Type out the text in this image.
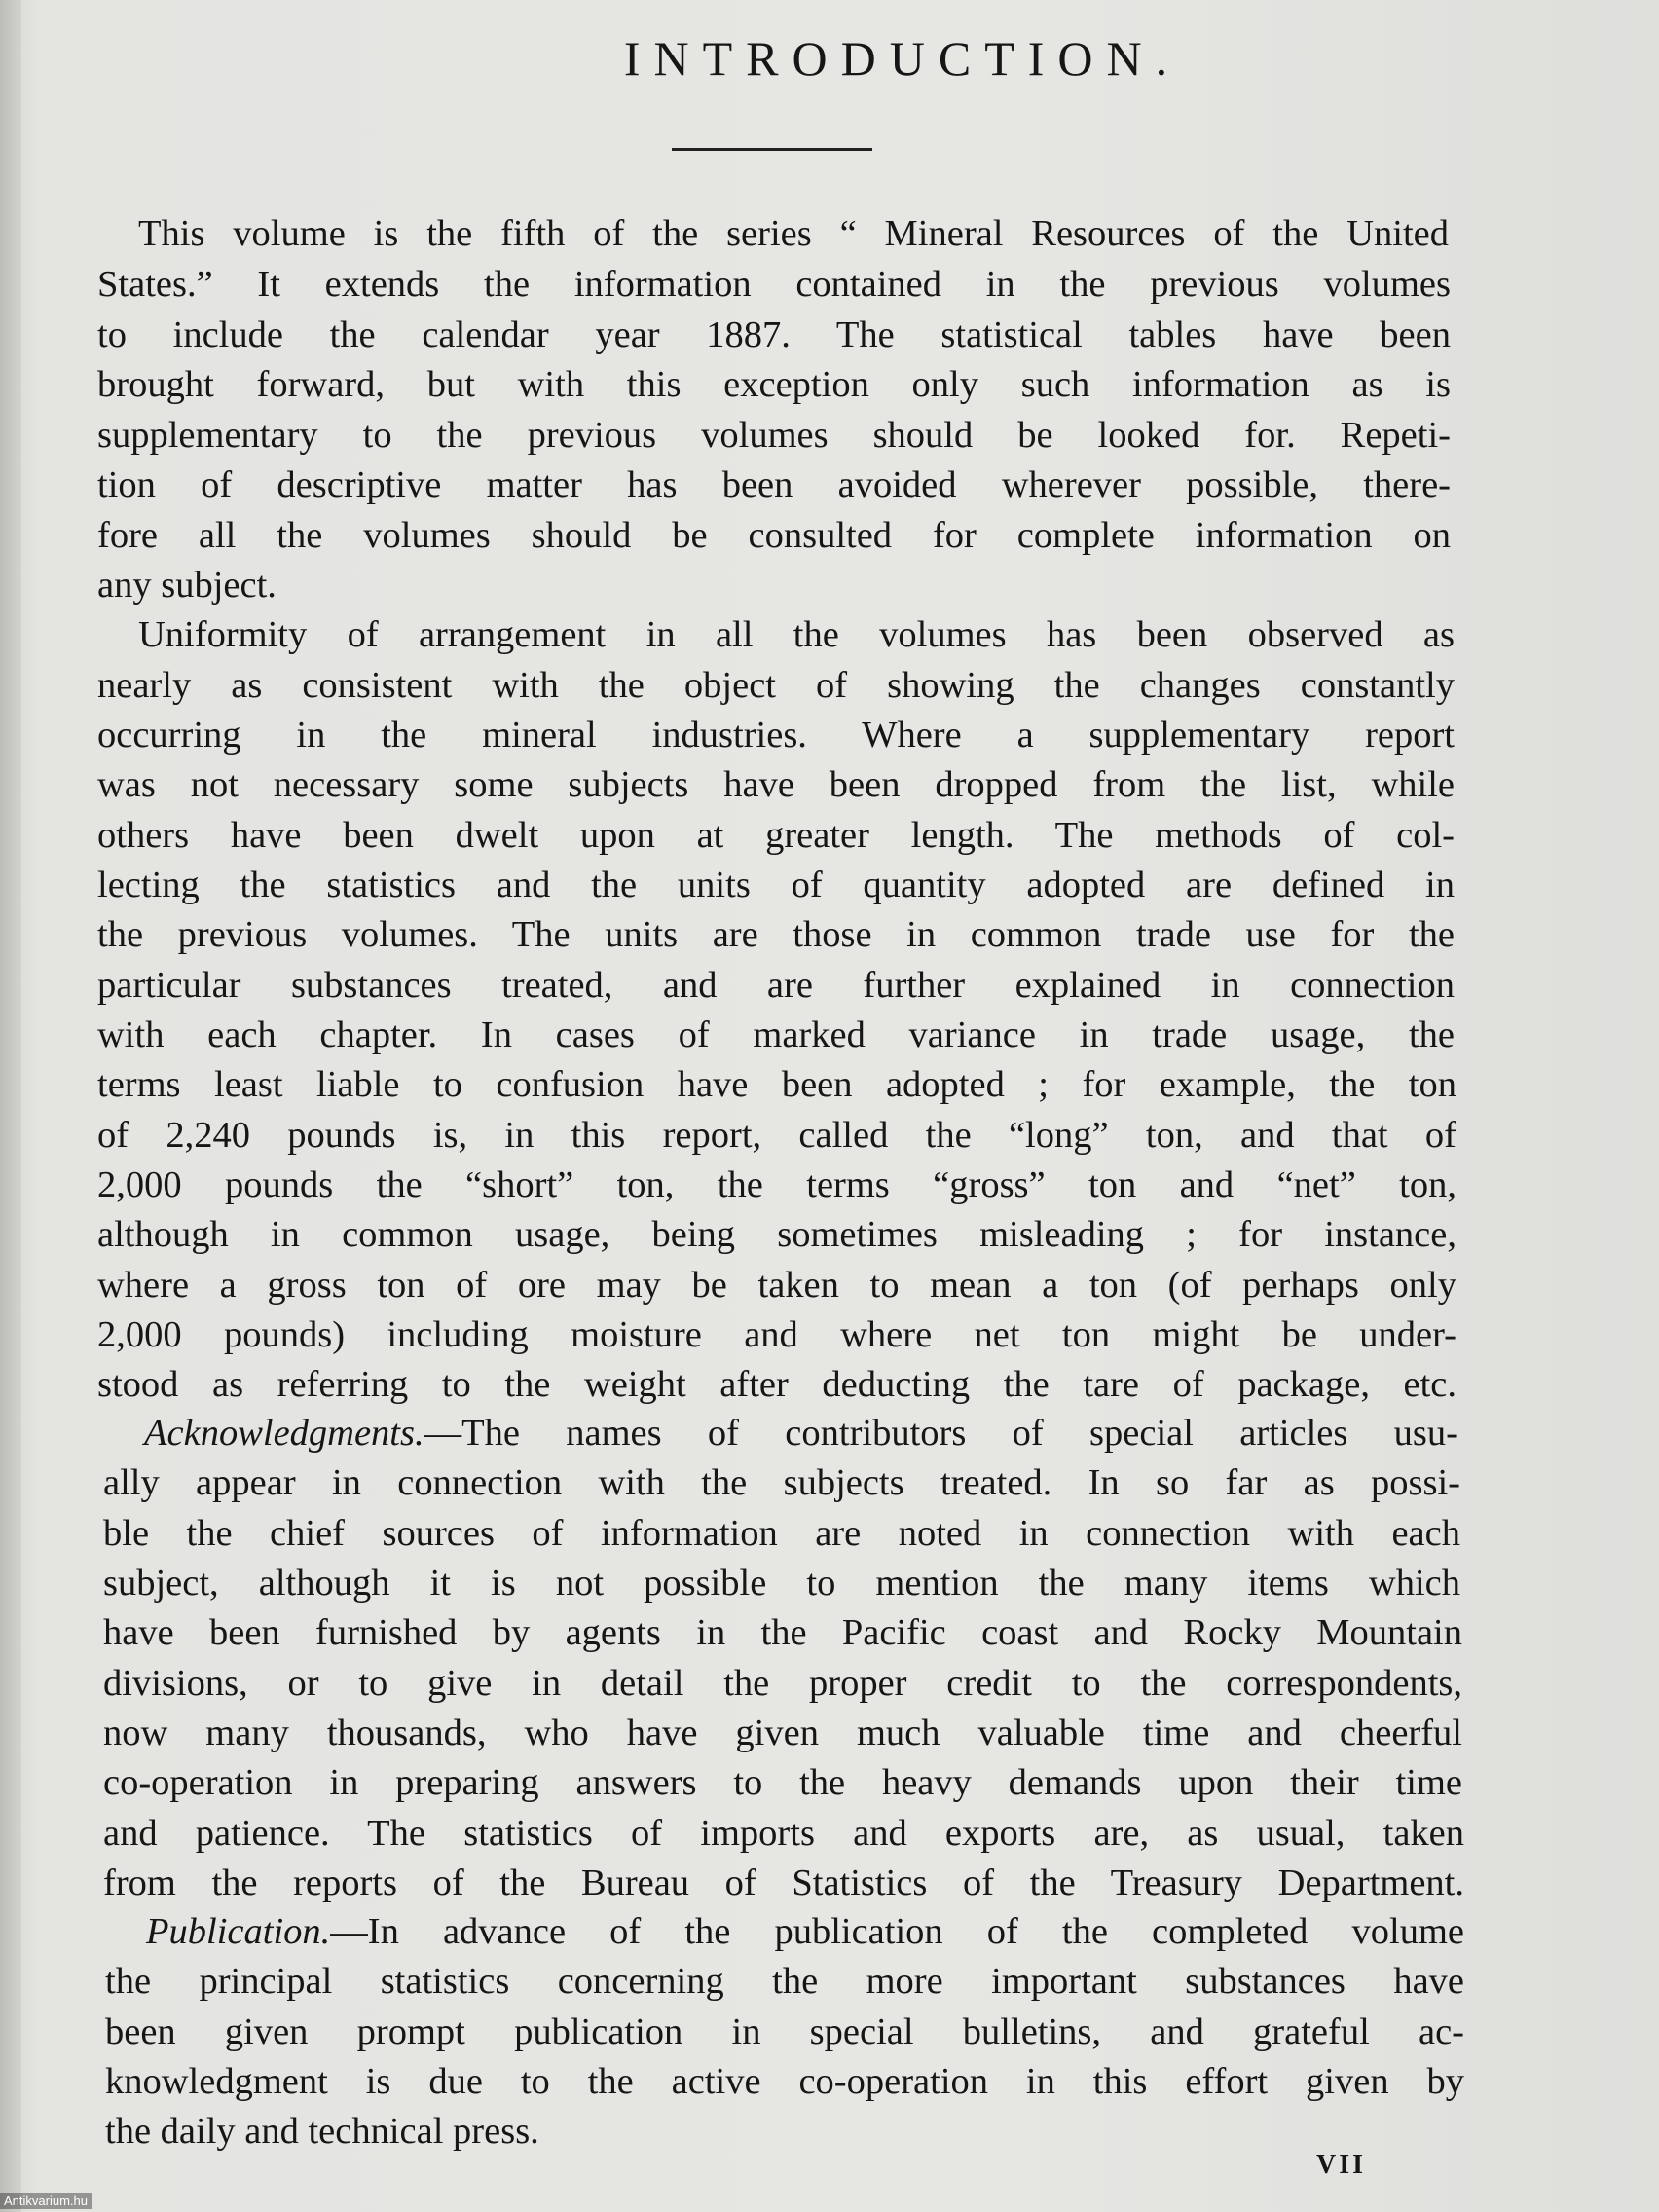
INTRODUCTION.

This volume is the fifth of the series “ Mineral Resources of the United

States.” It extends the information contained in the previous volumes

to include the calendar year 1887. The statistical tables have been

brought forward, but with this exception only such information as is

supplementary to the previous volumes should be looked for. Repeti-

tion of descriptive matter has been avoided wherever possible, there-

fore all the volumes should be consulted for complete information on

any subject.

Uniformity of arrangement in all the volumes has been observed as

nearly as consistent with the object of showing the changes constantly

occurring in the mineral industries. Where a supplementary report

was not necessary some subjects have been dropped from the list, while

others have been dwelt upon at greater length. The methods of col-

lecting the statistics and the units of quantity adopted are defined in

the previous volumes. The units are those in common trade use for the

particular substances treated, and are further explained in connection

with each chapter. In cases of marked variance in trade usage, the

terms least liable to confusion have been adopted ; for example, the ton

of 2,240 pounds is, in this report, called the “long” ton, and that of

2,000 pounds the “short” ton, the terms “gross” ton and “net” ton,

although in common usage, being sometimes misleading ; for instance,

where a gross ton of ore may be taken to mean a ton (of perhaps only

2,000 pounds) including moisture and where net ton might be under-

stood as referring to the weight after deducting the tare of package, etc.

Acknowledgments.—The names of contributors of special articles usu-

ally appear in connection with the subjects treated. In so far as possi-

ble the chief sources of information are noted in connection with each

subject, although it is not possible to mention the many items which

have been furnished by agents in the Pacific coast and Rocky Mountain

divisions, or to give in detail the proper credit to the correspondents,

now many thousands, who have given much valuable time and cheerful

co-operation in preparing answers to the heavy demands upon their time

and patience. The statistics of imports and exports are, as usual, taken

from the reports of the Bureau of Statistics of the Treasury Department.

Publication.—In advance of the publication of the completed volume

the principal statistics concerning the more important substances have

been given prompt publication in special bulletins, and grateful ac-

knowledgment is due to the active co-operation in this effort given by

the daily and technical press.

VII

Antikvarium.hu
